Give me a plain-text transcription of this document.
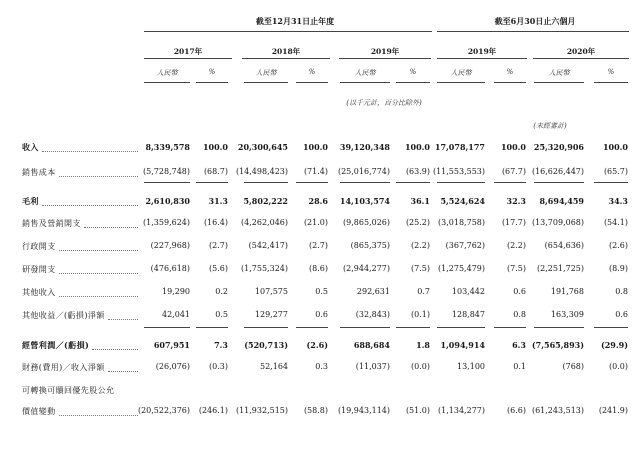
截至12月31日止年度	截至6月30日止六個月
2017年	2018年	2019年	2019年	2020年
人民幣	%	人民幣	%	人民幣	%	人民幣	%	人民幣	%
(以千元計，百分比除外)
(未經審計)
收入	8,339,578 100.0 20,300,645 100.0 39,120,348 100.0 17,078,177 100.0 25,320,906 100.0
銷售成本	(5,728,748) (68.7) (14,498,423) (71.4) (25,016,774) (63.9) (11,553,553) (67.7) (16,626,447) (65.7)
毛利	2,610,830 31.3 5,802,222	28.6 14,103,574	36.1 5,524,624	32.3 8,694,459	34.3
銷售及營銷開支	(1,359,624) (16.4) (4,262,046) (21.0) (9,865,026) (25.2) (3,018,758) (17.7) (13,709,068) (54.1)
行政開支	(227,968) (2.7)	(542,417)	(2.7)	(865,375)	(2.2) (367,762)	(2.2) (654,636)	(2.6)
研發開支	(476,618) (5.6) (1,755,324)	(8.6) (2,944,277)	(7.5) (1,275,479)	(7.5) (2,251,725)	(8.9)
其他收入	19,290	0.2	107,575	0.5	292,631	0.7	103,442	0.6	191,768	0.8
其他收益／(虧損)淨額	42,041	0.5	129,277	0.6	(32,843)	(0.1)	128,847	0.8	163,309	0.6
經營利潤／(虧損)	607,951	7.3 (520,713) (2.6)	688,684	1.8 1,094,914	6.3 (7,565,893) (29.9)
財務(費用)／收入淨額	(26,076) (0.3)	52,164	0.3	(11,037)	(0.0)	13,100	0.1	(768)	(0.0)
可轉換可贖回優先股公允
價值變動	(20,522,376) (246.1) (11,932,515) (58.8) (19,943,114) (51.0) (1,134,277)	(6.6) (61,243,513) (241.9)
